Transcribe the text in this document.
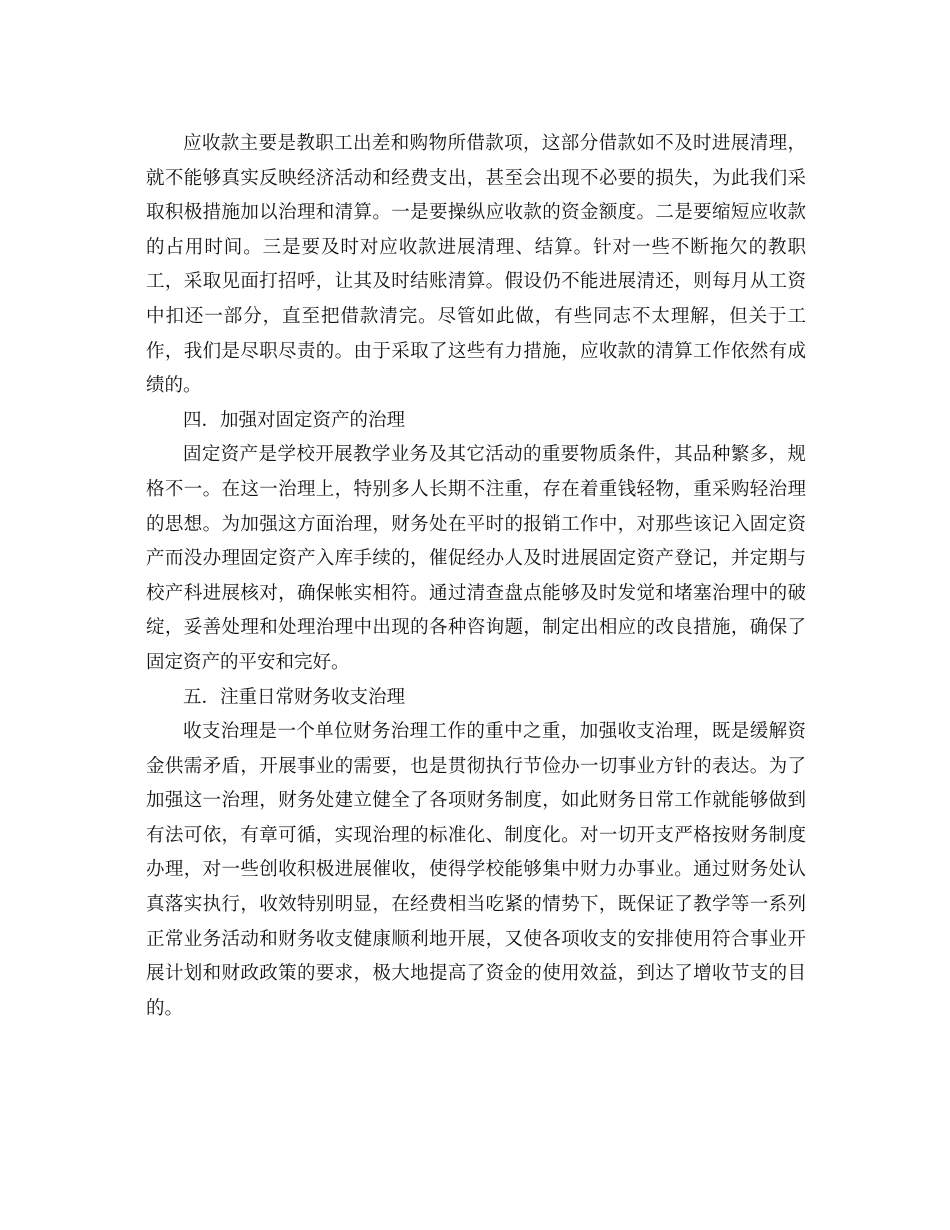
应收款主要是教职工出差和购物所借款项，这部分借款如不及时进展清理，就不能够真实反映经济活动和经费支出，甚至会出现不必要的损失，为此我们采取积极措施加以治理和清算。一是要操纵应收款的资金额度。二是要缩短应收款的占用时间。三是要及时对应收款进展清理、结算。针对一些不断拖欠的教职工，采取见面打招呼，让其及时结账清算。假设仍不能进展清还，则每月从工资中扣还一部分，直至把借款清完。尽管如此做，有些同志不太理解，但关于工作，我们是尽职尽责的。由于采取了这些有力措施，应收款的清算工作依然有成绩的。

四．加强对固定资产的治理

固定资产是学校开展教学业务及其它活动的重要物质条件，其品种繁多，规格不一。在这一治理上，特别多人长期不注重，存在着重钱轻物，重采购轻治理的思想。为加强这方面治理，财务处在平时的报销工作中，对那些该记入固定资产而没办理固定资产入库手续的，催促经办人及时进展固定资产登记，并定期与校产科进展核对，确保帐实相符。通过清查盘点能够及时发觉和堵塞治理中的破绽，妥善处理和处理治理中出现的各种咨询题，制定出相应的改良措施，确保了固定资产的平安和完好。

五．注重日常财务收支治理

收支治理是一个单位财务治理工作的重中之重，加强收支治理，既是缓解资金供需矛盾，开展事业的需要，也是贯彻执行节俭办一切事业方针的表达。为了加强这一治理，财务处建立健全了各项财务制度，如此财务日常工作就能够做到有法可依，有章可循，实现治理的标准化、制度化。对一切开支严格按财务制度办理，对一些创收积极进展催收，使得学校能够集中财力办事业。通过财务处认真落实执行，收效特别明显，在经费相当吃紧的情势下，既保证了教学等一系列正常业务活动和财务收支健康顺利地开展，又使各项收支的安排使用符合事业开展计划和财政政策的要求，极大地提高了资金的使用效益，到达了增收节支的目的。
